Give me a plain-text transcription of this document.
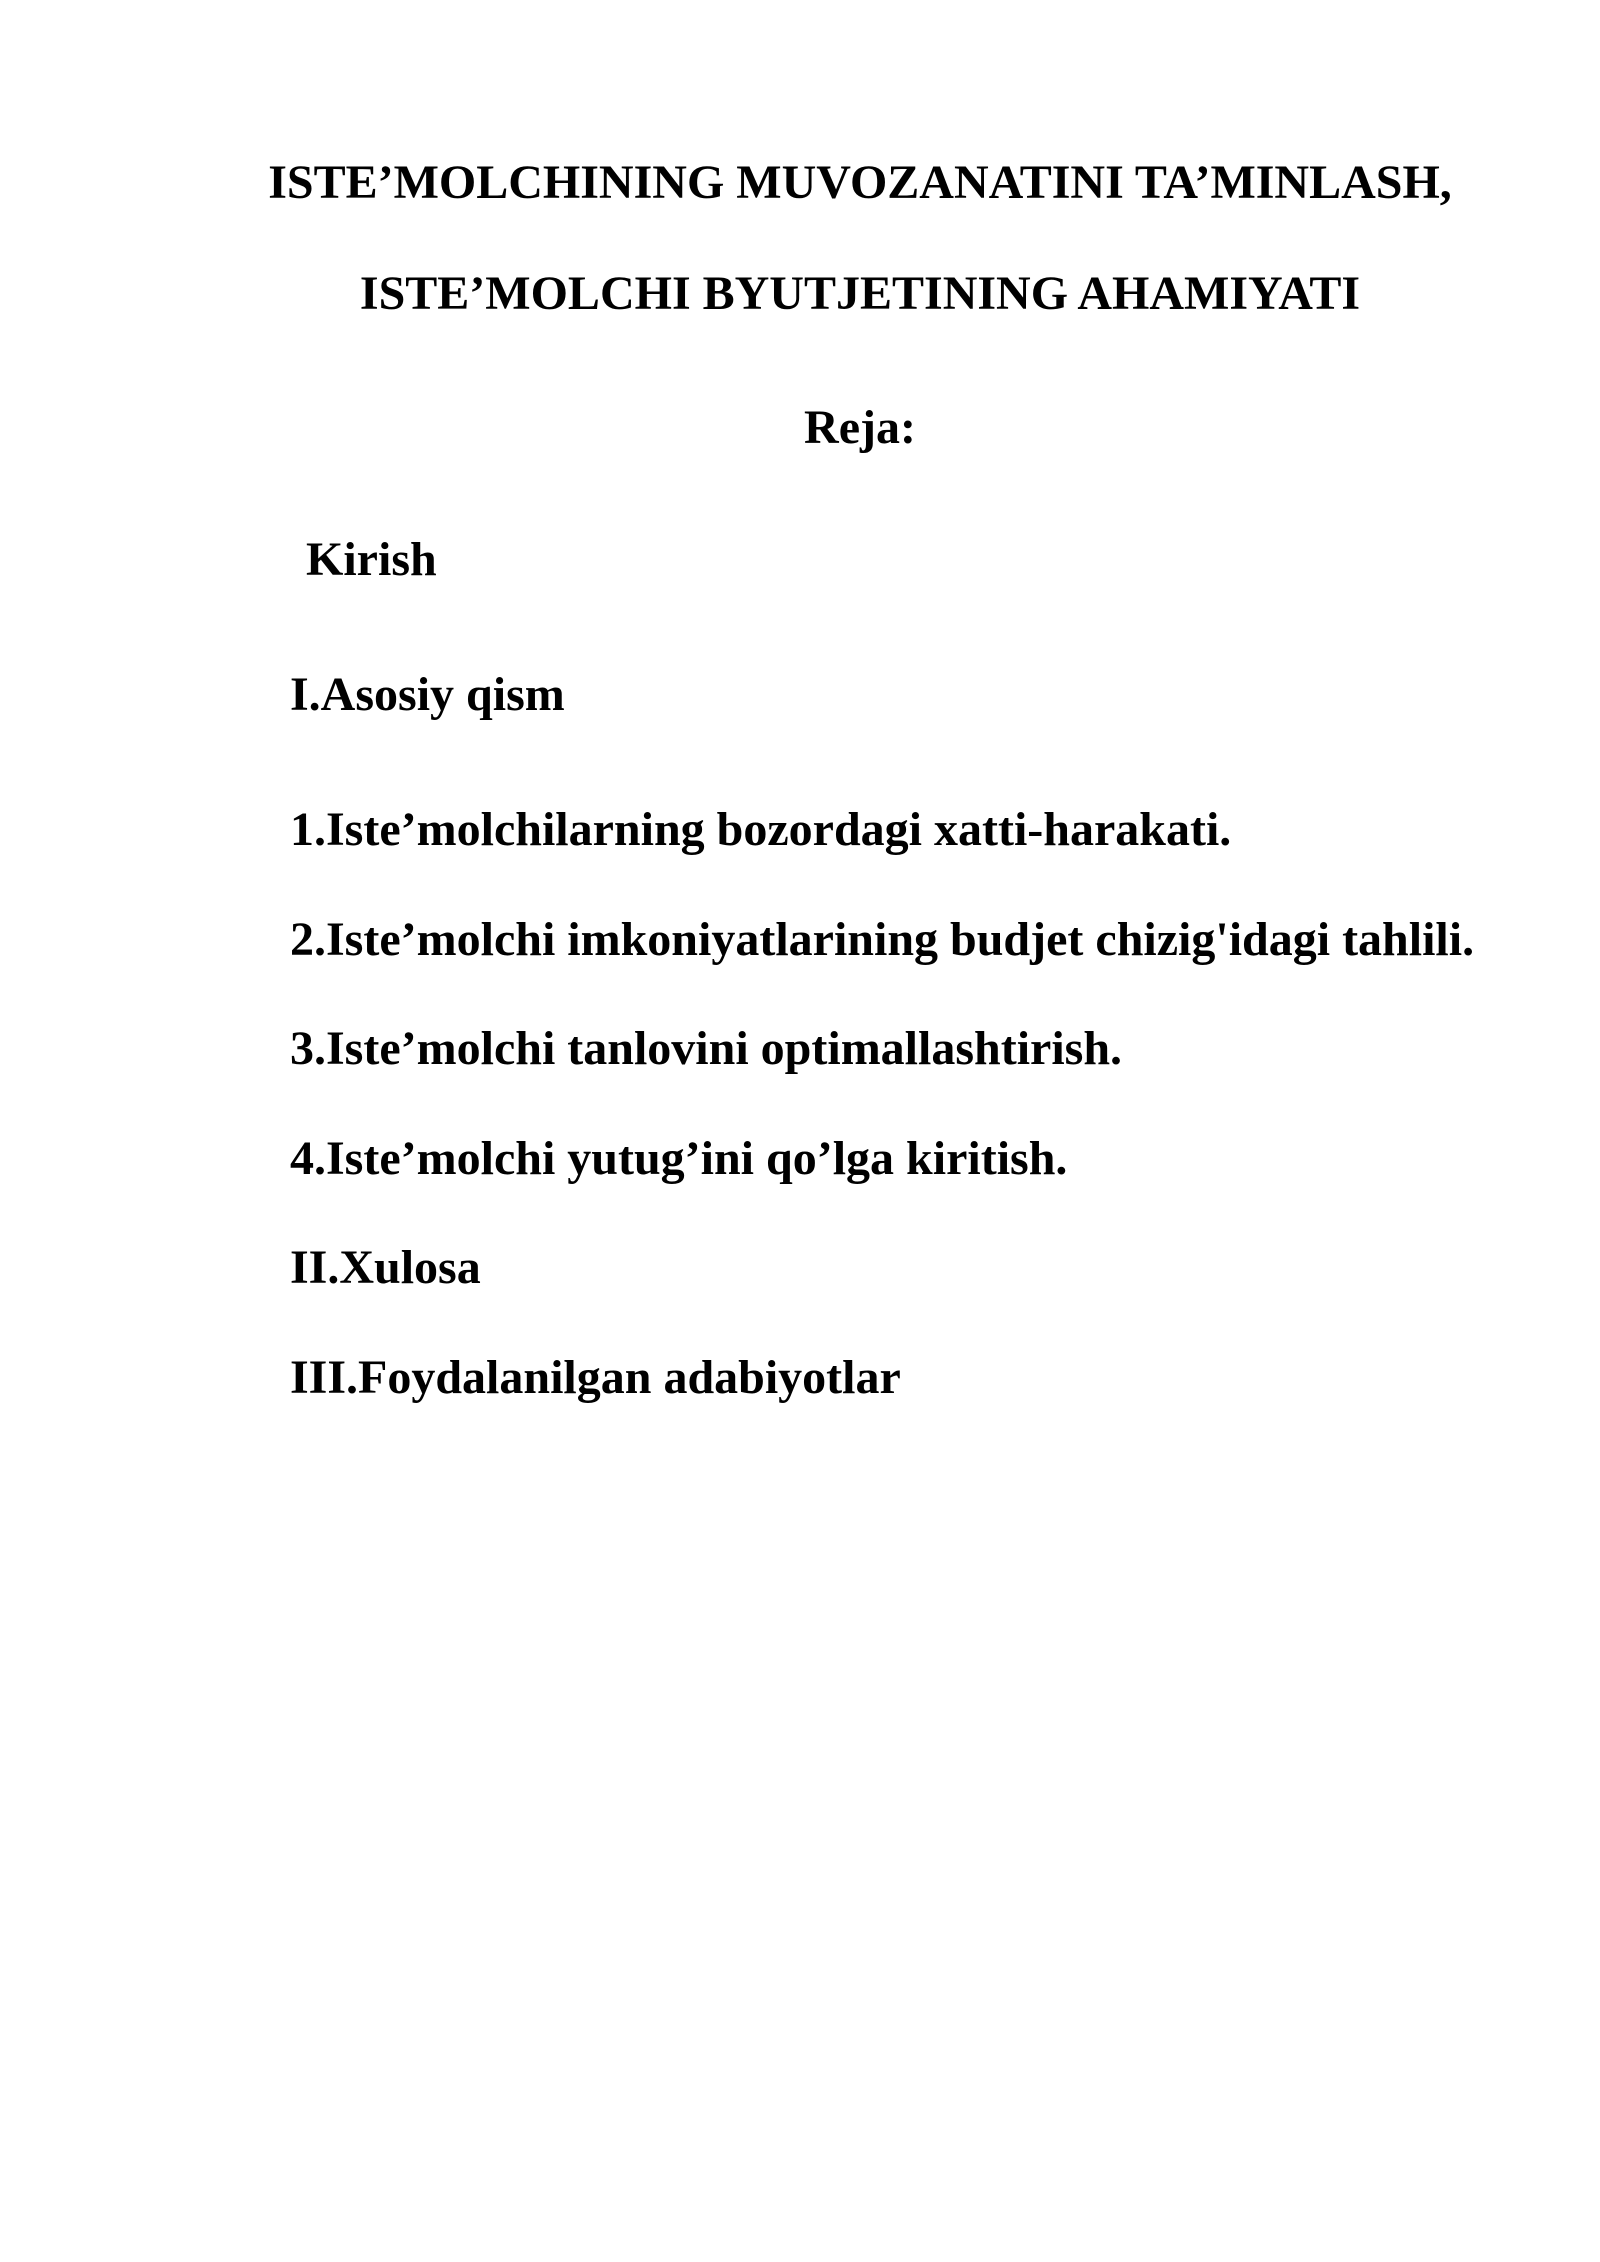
ISTE’MOLCHINING MUVOZANATINI TA’MINLASH,

ISTE’MOLCHI BYUTJETINING AHAMIYATI

Reja:

Kirish

I.Asosiy qism

1.Iste’molchilarning bozordagi xatti-harakati.

2.Iste’molchi imkoniyatlarining budjet chizig'idagi tahlili.

3.Iste’molchi tanlovini optimallashtirish.

4.Iste’molchi yutug’ini qo’lga kiritish.

II.Xulosa

III.Foydalanilgan adabiyotlar
